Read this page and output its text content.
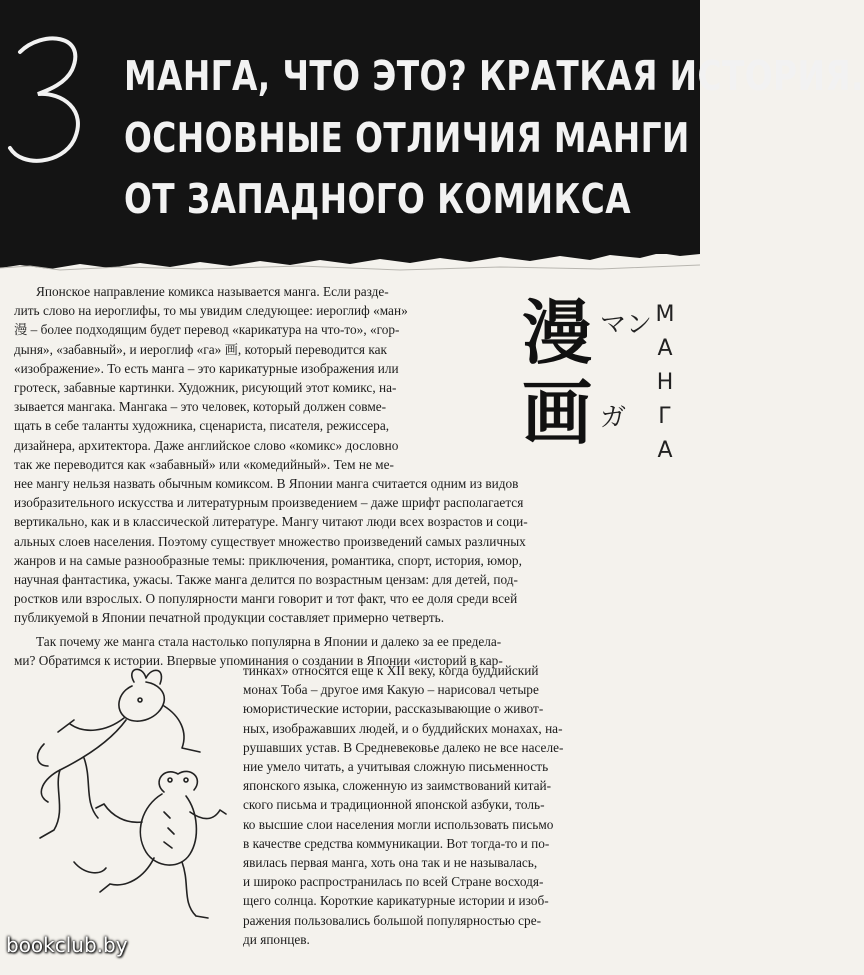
МАНГА, ЧТО ЭТО? КРАТКАЯ ИСТОРИЯ.
ОСНОВНЫЕ ОТЛИЧИЯ МАНГИ
ОТ ЗАПАДНОГО КОМИКСА
漫
画
マン
ガ
М
А
Н
Г
А
Японское направление комикса называется манга. Если разде-
лить слово на иероглифы, то мы увидим следующее: иероглиф «ман»
漫 – более подходящим будет перевод «карикатура на что-то», «гор-
дыня», «забавный», и иероглиф «га» 画, который переводится как
«изображение». То есть манга – это карикатурные изображения или
гротеск, забавные картинки. Художник, рисующий этот комикс, на-
зывается мангака. Мангака – это человек, который должен совме-
щать в себе таланты художника, сценариста, писателя, режиссера,
дизайнера, архитектора. Даже английское слово «комикс» дословно
так же переводится как «забавный» или «комедийный». Тем не ме-
нее мангу нельзя назвать обычным комиксом. В Японии манга считается одним из видов
изобразительного искусства и литературным произведением – даже шрифт располагается
вертикально, как и в классической литературе. Мангу читают люди всех возрастов и соци-
альных слоев населения. Поэтому существует множество произведений самых различных
жанров и на самые разнообразные темы: приключения, романтика, спорт, история, юмор,
научная фантастика, ужасы. Также манга делится по возрастным цензам: для детей, под-
ростков или взрослых. О популярности манги говорит и тот факт, что ее доля среди всей
публикуемой в Японии печатной продукции составляет примерно четверть.
Так почему же манга стала настолько популярна в Японии и далеко за ее предела-
ми? Обратимся к истории. Впервые упоминания о создании в Японии «историй в кар-
тинках» относятся еще к XII веку, когда буддийский
монах Тоба – другое имя Какую – нарисовал четыре
юмористические истории, рассказывающие о живот-
ных, изображавших людей, и о буддийских монахах, на-
рушавших устав. В Средневековье далеко не все населе-
ние умело читать, а учитывая сложную письменность
японского языка, сложенную из заимствований китай-
ского письма и традиционной японской азбуки, толь-
ко высшие слои населения могли использовать письмо
в качестве средства коммуникации. Вот тогда-то и по-
явилась первая манга, хоть она так и не называлась,
и широко распространилась по всей Стране восходя-
щего солнца. Короткие карикатурные истории и изоб-
ражения пользовались большой популярностью сре-
ди японцев.
bookclub.by
